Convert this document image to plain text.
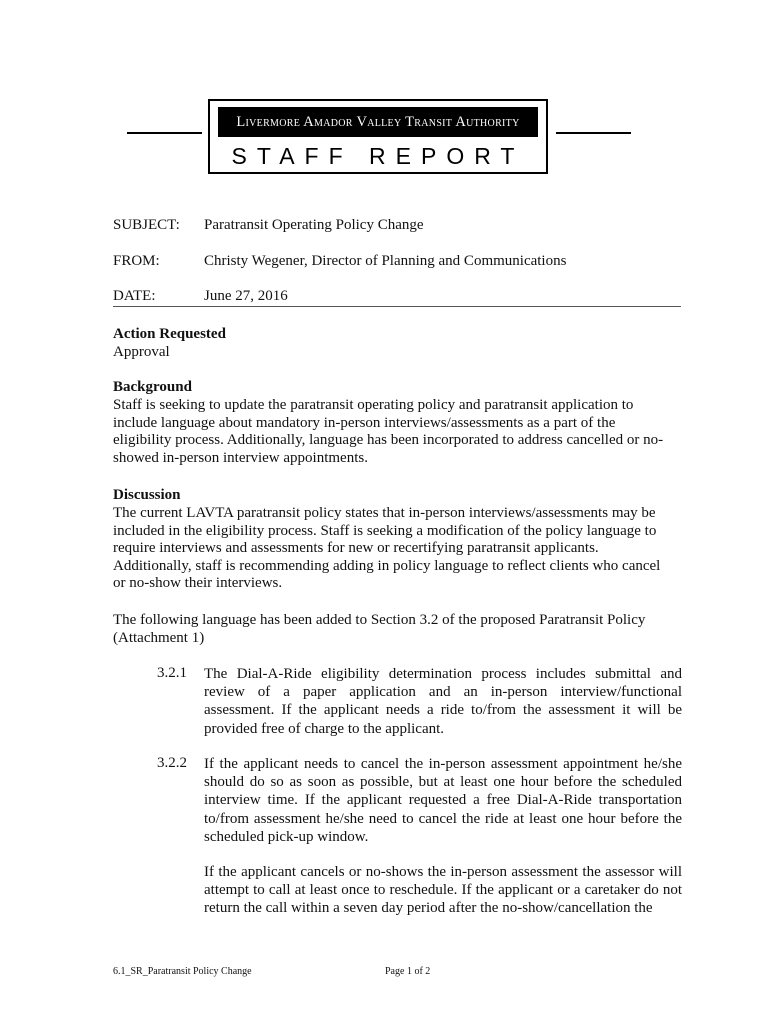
Livermore Amador Valley Transit Authority
STAFF REPORT
SUBJECT: Paratransit Operating Policy Change
FROM:	Christy Wegener, Director of Planning and Communications
DATE:	June 27, 2016
Action Requested
Approval
Background
Staff is seeking to update the paratransit operating policy and paratransit application to
include language about mandatory in-person interviews/assessments as a part of the
eligibility process. Additionally, language has been incorporated to address cancelled or no-
showed in-person interview appointments.
Discussion
The current LAVTA paratransit policy states that in-person interviews/assessments may be
included in the eligibility process. Staff is seeking a modification of the policy language to
require interviews and assessments for new or recertifying paratransit applicants.
Additionally, staff is recommending adding in policy language to reflect clients who cancel
or no-show their interviews.
The following language has been added to Section 3.2 of the proposed Paratransit Policy
(Attachment 1)
3.2.1 The Dial-A-Ride eligibility determination process includes submittal and review of a paper application and an in-person interview/functional assessment. If the applicant needs a ride to/from the assessment it will be provided free of charge to the applicant.
3.2.2 If the applicant needs to cancel the in-person assessment appointment he/she should do so as soon as possible, but at least one hour before the scheduled interview time. If the applicant requested a free Dial-A-Ride transportation to/from assessment he/she need to cancel the ride at least one hour before the scheduled pick-up window.
If the applicant cancels or no-shows the in-person assessment the assessor will attempt to call at least once to reschedule. If the applicant or a caretaker do not return the call within a seven day period after the no-show/cancellation the
6.1_SR_Paratransit Policy Change	Page 1 of 2
